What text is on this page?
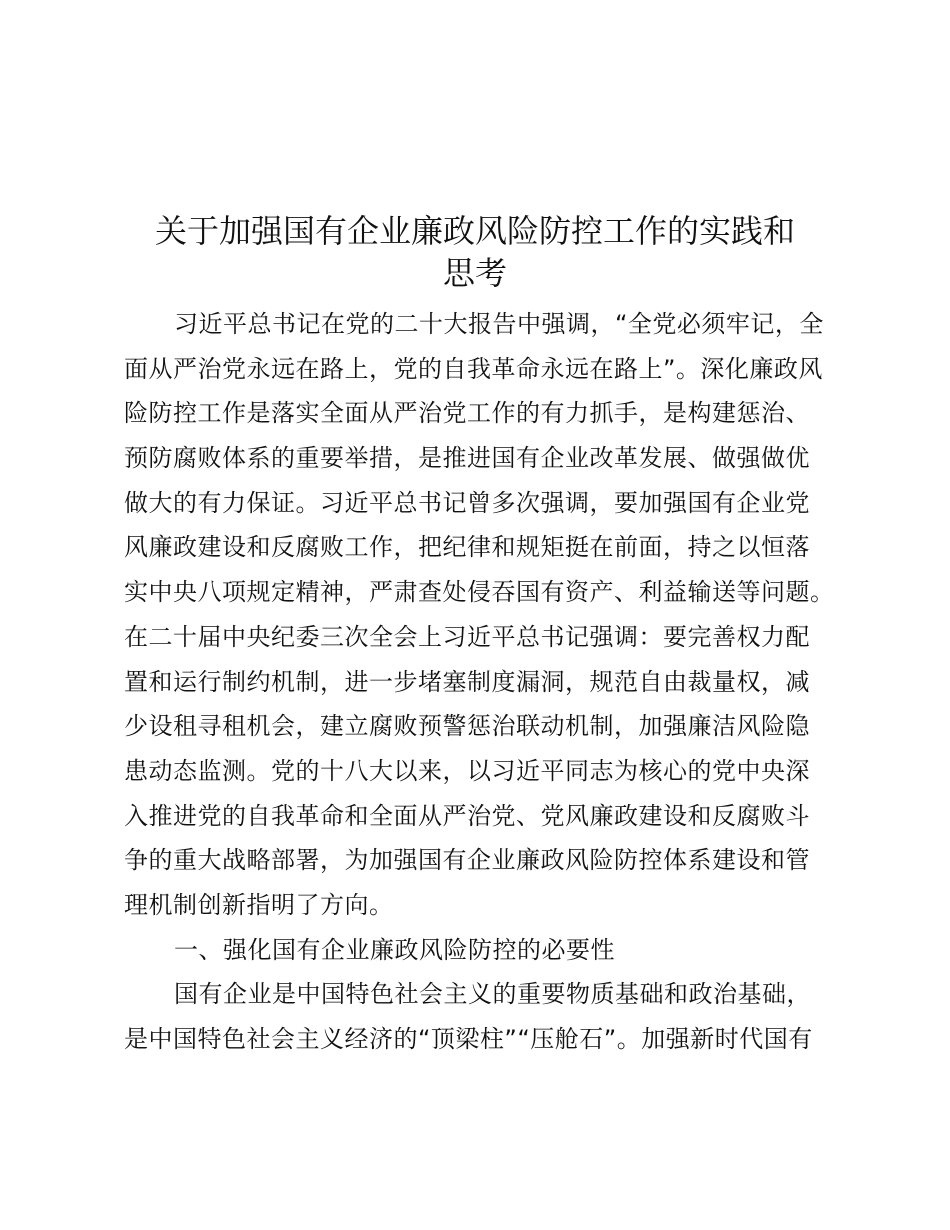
关于加强国有企业廉政风险防控工作的实践和
思考
习近平总书记在党的二十大报告中强调，“全党必须牢记，全
面从严治党永远在路上，党的自我革命永远在路上”。深化廉政风
险防控工作是落实全面从严治党工作的有力抓手，是构建惩治、
预防腐败体系的重要举措，是推进国有企业改革发展、做强做优
做大的有力保证。习近平总书记曾多次强调，要加强国有企业党
风廉政建设和反腐败工作，把纪律和规矩挺在前面，持之以恒落
实中央八项规定精神，严肃查处侵吞国有资产、利益输送等问题。
在二十届中央纪委三次全会上习近平总书记强调：要完善权力配
置和运行制约机制，进一步堵塞制度漏洞，规范自由裁量权，减
少设租寻租机会，建立腐败预警惩治联动机制，加强廉洁风险隐
患动态监测。党的十八大以来，以习近平同志为核心的党中央深
入推进党的自我革命和全面从严治党、党风廉政建设和反腐败斗
争的重大战略部署，为加强国有企业廉政风险防控体系建设和管
理机制创新指明了方向。
一、强化国有企业廉政风险防控的必要性
国有企业是中国特色社会主义的重要物质基础和政治基础，
是中国特色社会主义经济的“顶梁柱”“压舱石”。加强新时代国有
